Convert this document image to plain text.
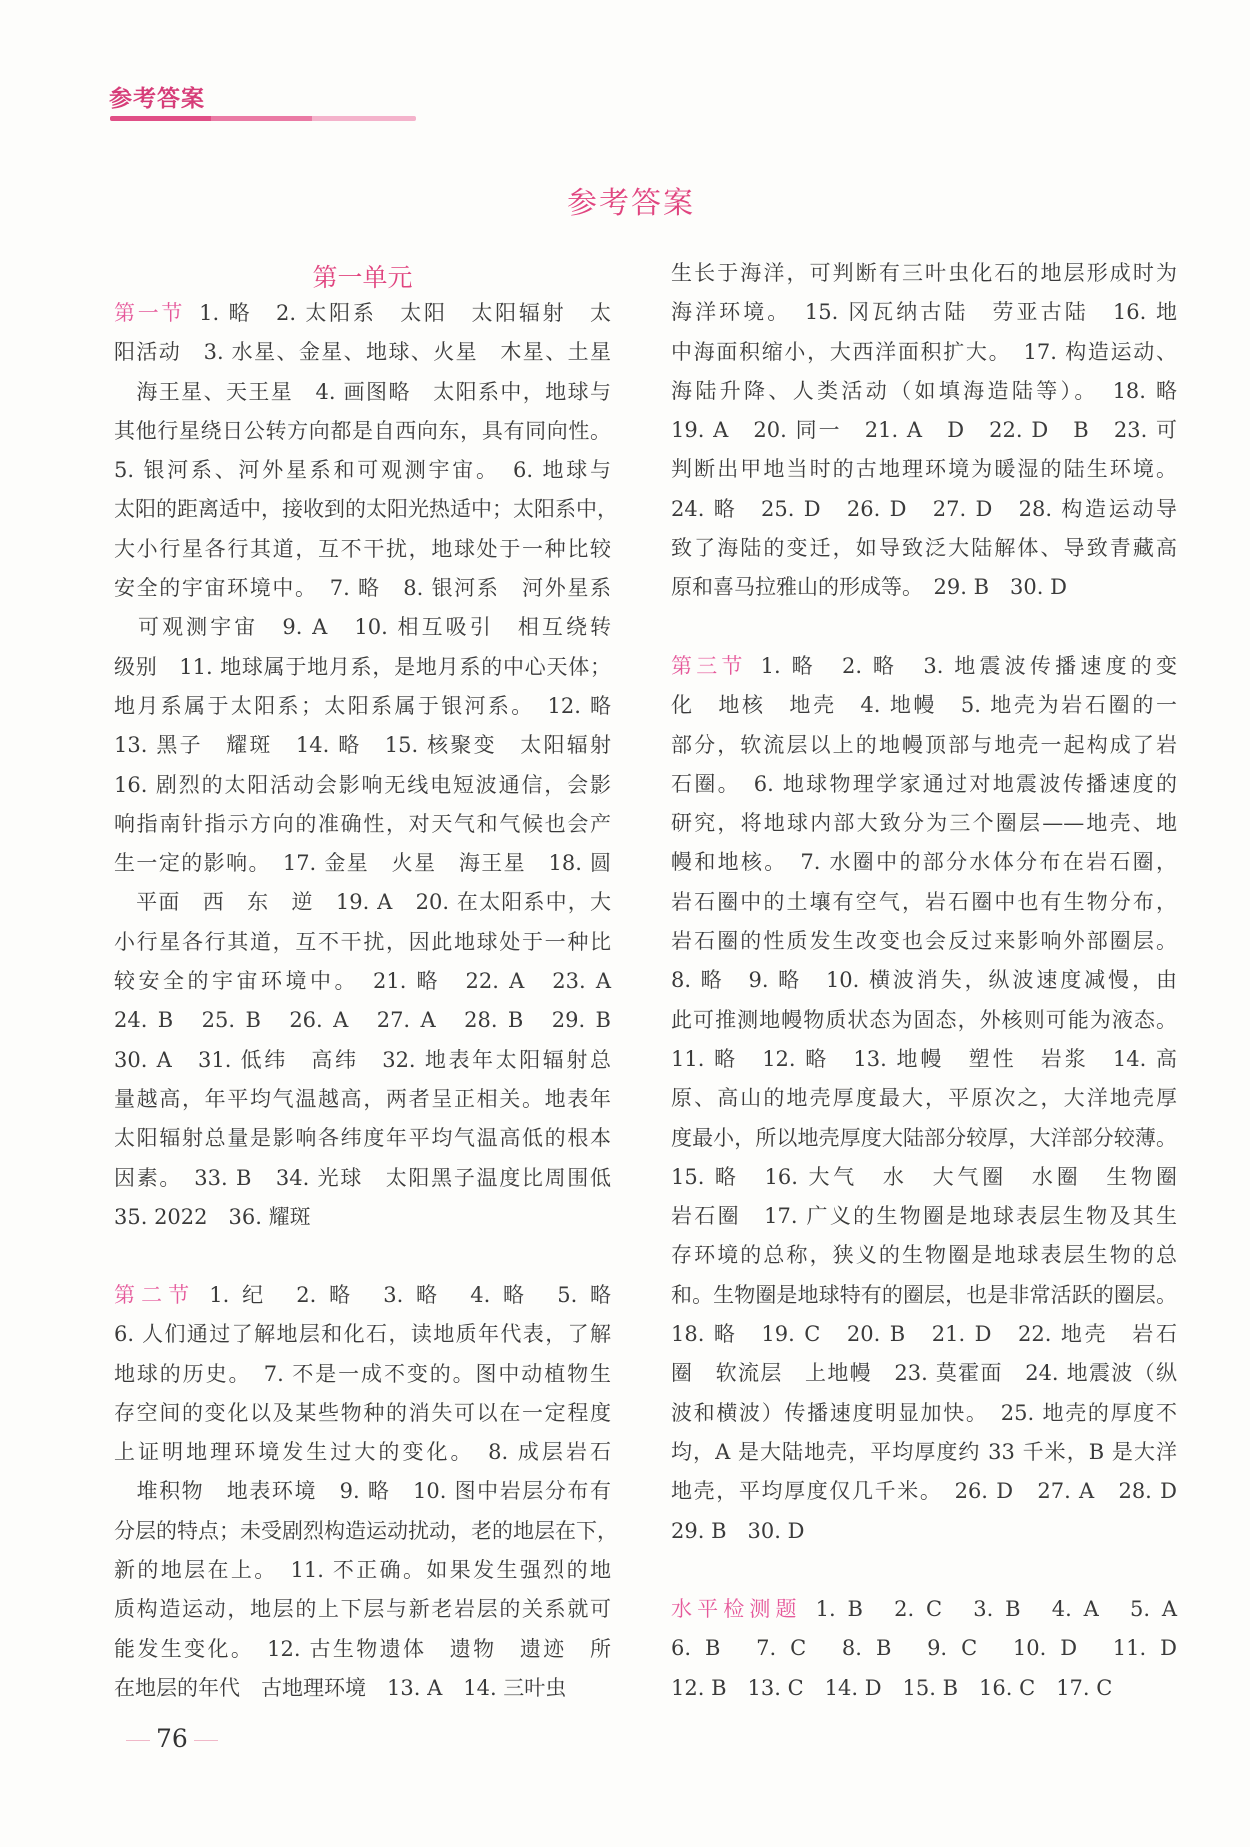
参考答案
参考答案
第一单元
第一节 1. 略　2. 太阳系　太阳　太阳辐射　太
阳活动　3. 水星、金星、地球、火星　木星、土星
　海王星、天王星　4. 画图略　太阳系中，地球与
其他行星绕日公转方向都是自西向东，具有同向性。
5. 银河系、河外星系和可观测宇宙。　6. 地球与
太阳的距离适中，接收到的太阳光热适中；太阳系中，
大小行星各行其道，互不干扰，地球处于一种比较
安全的宇宙环境中。　7. 略　8. 银河系　河外星系
　可观测宇宙　9. A　10. 相互吸引　相互绕转
级别　11. 地球属于地月系，是地月系的中心天体；
地月系属于太阳系；太阳系属于银河系。　12. 略
13. 黑子　耀斑　14. 略　15. 核聚变　太阳辐射
16. 剧烈的太阳活动会影响无线电短波通信，会影
响指南针指示方向的准确性，对天气和气候也会产
生一定的影响。　17. 金星　火星　海王星　18. 圆
　平面　西　东　逆　19. A　20. 在太阳系中，大
小行星各行其道，互不干扰，因此地球处于一种比
较安全的宇宙环境中。　21. 略　22. A　23. A
24. B　25. B　26. A　27. A　28. B　29. B
30. A　31. 低纬　高纬　32. 地表年太阳辐射总
量越高，年平均气温越高，两者呈正相关。地表年
太阳辐射总量是影响各纬度年平均气温高低的根本
因素。　33. B　34. 光球　太阳黑子温度比周围低
35. 2022　36. 耀斑
第二节 1. 纪　2. 略　3. 略　4. 略　5. 略
6. 人们通过了解地层和化石，读地质年代表，了解
地球的历史。　7. 不是一成不变的。图中动植物生
存空间的变化以及某些物种的消失可以在一定程度
上证明地理环境发生过大的变化。　8. 成层岩石
　堆积物　地表环境　9. 略　10. 图中岩层分布有
分层的特点；未受剧烈构造运动扰动，老的地层在下，
新的地层在上。　11. 不正确。如果发生强烈的地
质构造运动，地层的上下层与新老岩层的关系就可
能发生变化。　12. 古生物遗体　遗物　遗迹　所
在地层的年代　古地理环境　13. A　14. 三叶虫
生长于海洋，可判断有三叶虫化石的地层形成时为
海洋环境。　15. 冈瓦纳古陆　劳亚古陆　16. 地
中海面积缩小，大西洋面积扩大。　17. 构造运动、
海陆升降、人类活动（如填海造陆等）。　18. 略
19. A　20. 同一　21. A　D　22. D　B　23. 可
判断出甲地当时的古地理环境为暖湿的陆生环境。
24. 略　25. D　26. D　27. D　28. 构造运动导
致了海陆的变迁，如导致泛大陆解体、导致青藏高
原和喜马拉雅山的形成等。　29. B　30. D
第三节 1. 略　2. 略　3. 地震波传播速度的变
化　地核　地壳　4. 地幔　5. 地壳为岩石圈的一
部分，软流层以上的地幔顶部与地壳一起构成了岩
石圈。　6. 地球物理学家通过对地震波传播速度的
研究，将地球内部大致分为三个圈层——地壳、地
幔和地核。　7. 水圈中的部分水体分布在岩石圈，
岩石圈中的土壤有空气，岩石圈中也有生物分布，
岩石圈的性质发生改变也会反过来影响外部圈层。
8. 略　9. 略　10. 横波消失，纵波速度减慢，由
此可推测地幔物质状态为固态，外核则可能为液态。
11. 略　12. 略　13. 地幔　塑性　岩浆　14. 高
原、高山的地壳厚度最大，平原次之，大洋地壳厚
度最小，所以地壳厚度大陆部分较厚，大洋部分较薄。
15. 略　16. 大气　水　大气圈　水圈　生物圈
岩石圈　17. 广义的生物圈是地球表层生物及其生
存环境的总称，狭义的生物圈是地球表层生物的总
和。生物圈是地球特有的圈层，也是非常活跃的圈层。
18. 略　19. C　20. B　21. D　22. 地壳　岩石
圈　软流层　上地幔　23. 莫霍面　24. 地震波（纵
波和横波）传播速度明显加快。　25. 地壳的厚度不
均，A 是大陆地壳，平均厚度约 33 千米，B 是大洋
地壳，平均厚度仅几千米。　26. D　27. A　28. D
29. B　30. D
水平检测题 1. B　2. C　3. B　4. A　5. A
6. B　7. C　8. B　9. C　10. D　11. D
12. B　13. C　14. D　15. B　16. C　17. C
76
